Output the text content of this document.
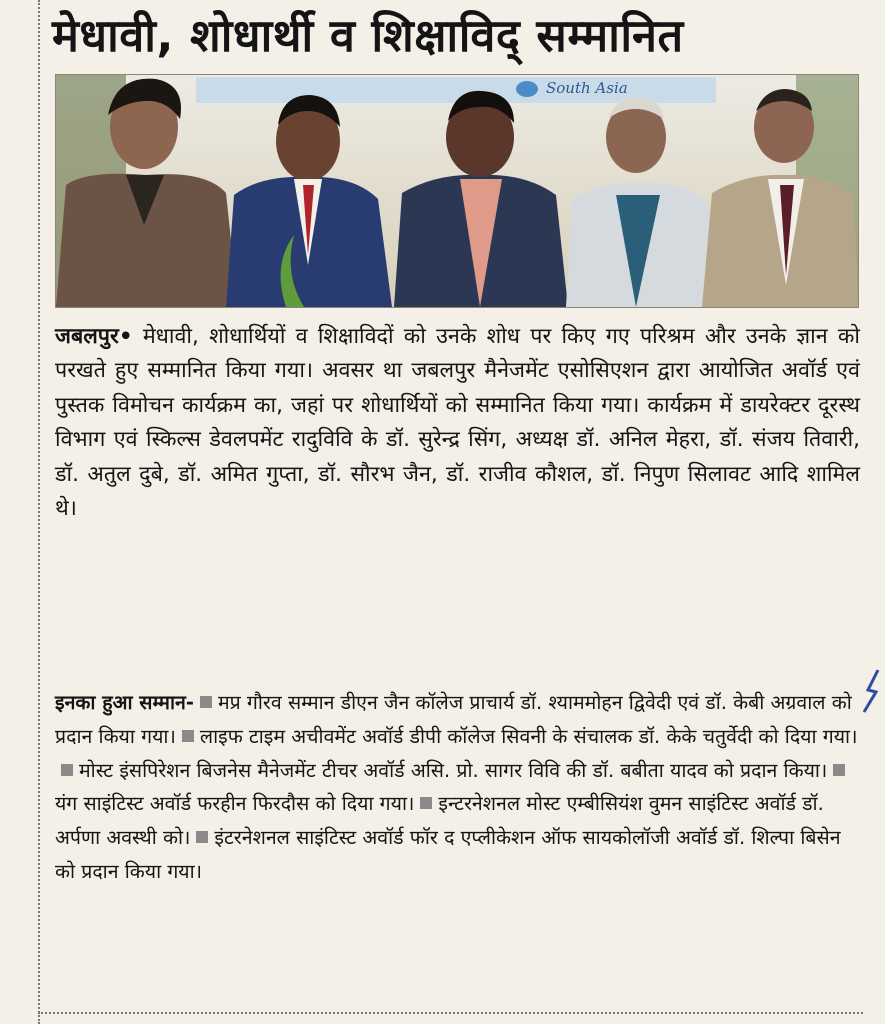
मेधावी, शोधार्थी व शिक्षाविद् सम्मानित
South Asia
जबलपुर• मेधावी, शोधार्थियों व शिक्षाविदों को उनके शोध पर किए गए परिश्रम और उनके ज्ञान को परखते हुए सम्मानित किया गया। अवसर था जबलपुर मैनेजमेंट एसोसिएशन द्वारा आयोजित अवॉर्ड एवं पुस्तक विमोचन कार्यक्रम का, जहां पर शोधार्थियों को सम्मानित किया गया। कार्यक्रम में डायरेक्टर दूरस्थ विभाग एवं स्किल्स डेवलपमेंट रादुविवि के डॉ. सुरेन्द्र सिंग, अध्यक्ष डॉ. अनिल मेहरा, डॉ. संजय तिवारी, डॉ. अतुल दुबे, डॉ. अमित गुप्ता, डॉ. सौरभ जैन, डॉ. राजीव कौशल, डॉ. निपुण सिलावट आदि शामिल थे।
इनका हुआ सम्मान- मप्र गौरव सम्मान डीएन जैन कॉलेज प्राचार्य डॉ. श्याममोहन द्विवेदी एवं डॉ. केबी अग्रवाल को प्रदान किया गया। लाइफ टाइम अचीवमेंट अवॉर्ड डीपी कॉलेज सिवनी के संचालक डॉ. केके चतुर्वेदी को दिया गया।मोस्ट इंसपिरेशन बिजनेस मैनेजमेंट टीचर अवॉर्ड असि. प्रो. सागर विवि की डॉ. बबीता यादव को प्रदान किया।यंग साइंटिस्ट अवॉर्ड फरहीन फिरदौस को दिया गया। इन्टरनेशनल मोस्ट एम्बीसियंश वुमन साइंटिस्ट अवॉर्ड डॉ. अर्पणा अवस्थी को। इंटरनेशनल साइंटिस्ट अवॉर्ड फॉर द एप्लीकेशन ऑफ सायकोलॉजी अवॉर्ड डॉ. शिल्पा बिसेन को प्रदान किया गया।
